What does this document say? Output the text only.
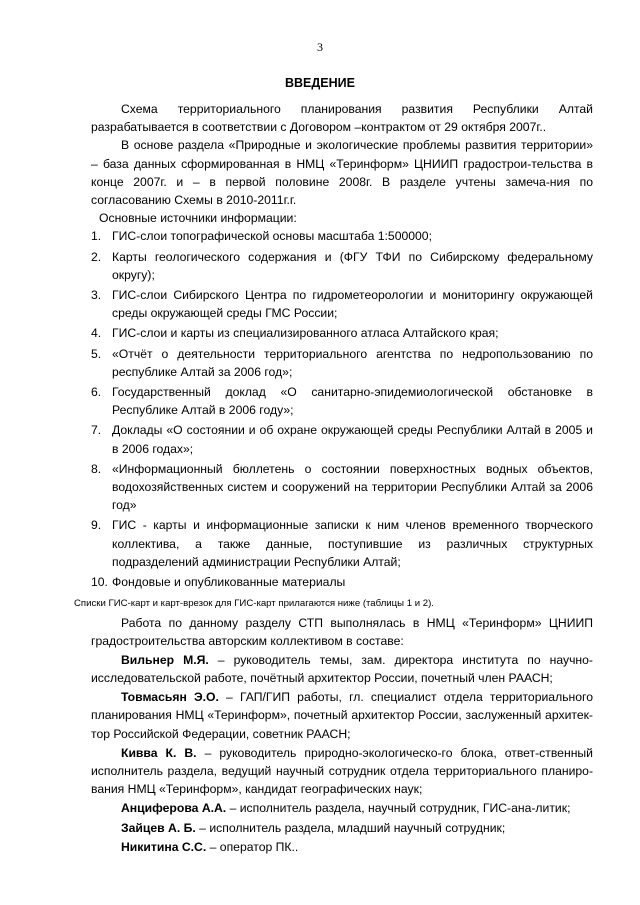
3
ВВЕДЕНИЕ

Схема территориального планирования развития Республики Алтай разрабатывается в соответствии с Договором –контрактом от 29 октября 2007г..

В основе раздела «Природные и экологические проблемы развития территории» – база данных сформированная в НМЦ «Теринформ» ЦНИИП градострои-тельства в конце 2007г. и – в первой половине 2008г. В разделе учтены замеча-ния по согласованию Схемы в 2010-2011г.г.

Основные источники информации:

1. ГИС-слои топографической основы масштаба 1:500000;
2. Карты геологического содержания и (ФГУ ТФИ по Сибирскому федеральному округу);
3. ГИС-слои Сибирского Центра по гидрометеорологии и мониторингу окружающей среды окружающей среды ГМС России;
4. ГИС-слои и карты из специализированного атласа Алтайского края;
5. «Отчёт о деятельности территориального агентства по недропользованию по республике Алтай за 2006 год»;
6. Государственный доклад «О санитарно-эпидемиологической обстановке в Республике Алтай в 2006 году»;
7. Доклады «О состоянии и об охране окружающей среды Республики Алтай в 2005 и в 2006 годах»;
8. «Информационный бюллетень о состоянии поверхностных водных объектов, водохозяйственных систем и сооружений на территории Республики Алтай за 2006 год»
9. ГИС - карты и информационные записки к ним членов временного творческого коллектива, а также данные, поступившие из различных структурных подразделений администрации Республики Алтай;
10. Фондовые и опубликованные материалы
Списки ГИС-карт и карт-врезок для ГИС-карт прилагаются ниже (таблицы 1 и 2).

Работа по данному разделу СТП выполнялась в НМЦ «Теринформ» ЦНИИП градостроительства авторским коллективом в составе:

Вильнер М.Я. – руководитель темы, зам. директора института по научно-исследовательской работе, почётный архитектор России, почетный член РААСН;

Товмасьян Э.О. – ГАП/ГИП работы, гл. специалист отдела территориального планирования НМЦ «Теринформ», почетный архитектор России, заслуженный архитек-тор Российской Федерации, советник РААСН;

Кивва К. В. – руководитель природно-экологическо-го блока, ответ-ственный исполнитель раздела, ведущий научный сотрудник отдела территориального планиро-вания НМЦ «Теринформ», кандидат географических наук;

Анциферова А.А. – исполнитель раздела, научный сотрудник, ГИС-ана-литик;

Зайцев А. Б. – исполнитель раздела, младший научный сотрудник;

Никитина С.С. – оператор ПК..
